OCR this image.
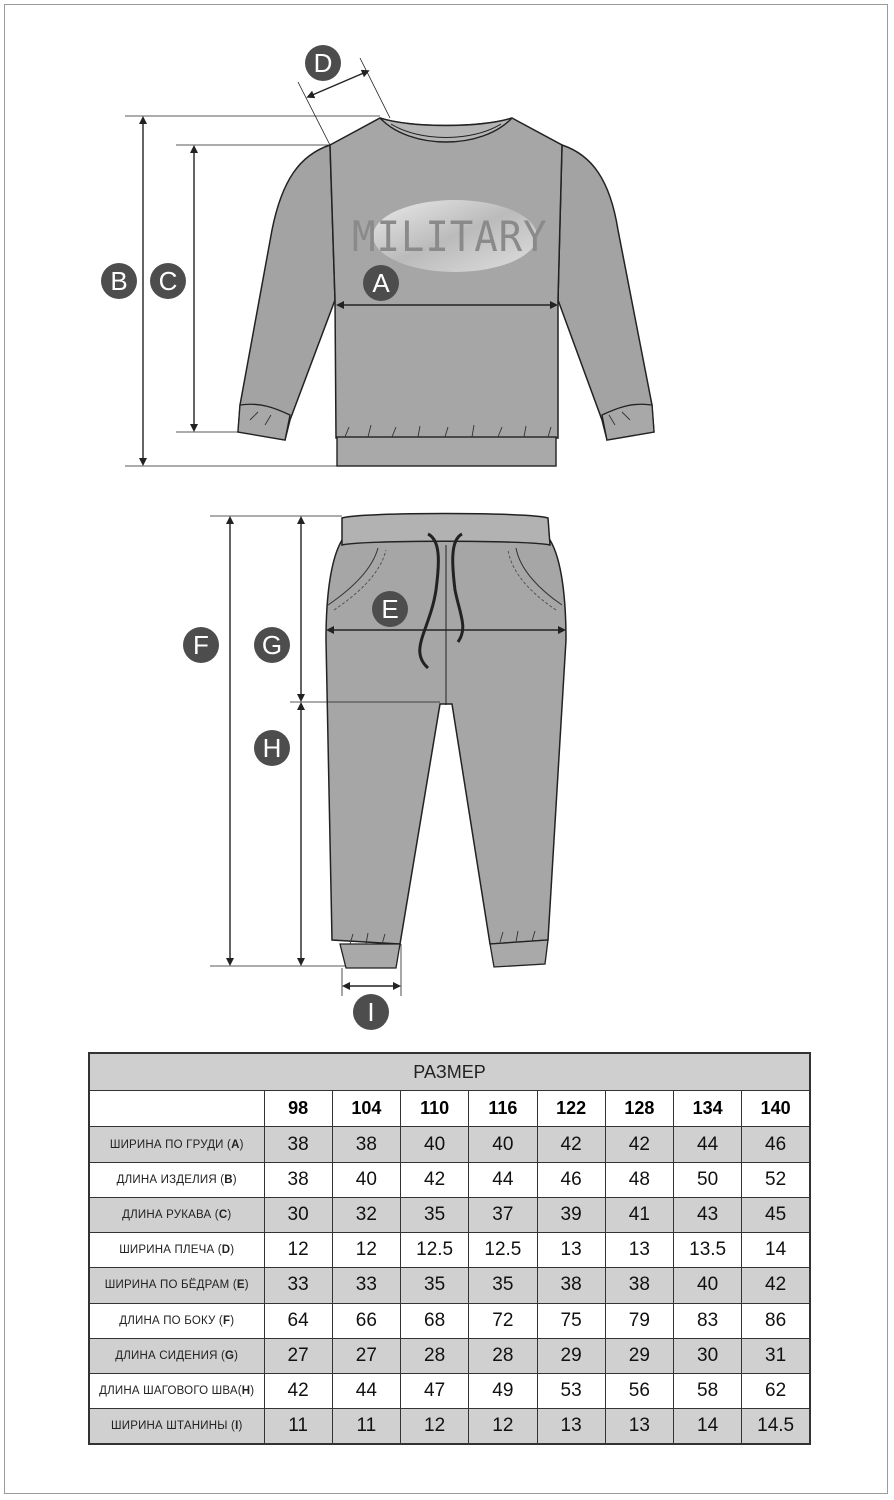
MILITARY
D
B	C	A
E
F	G
H
I
РАЗМЕР								
	98	104	110	116	122	128	134	140
ШИРИНА ПО ГРУДИ (A)	38	38	40	40	42	42	44	46
ДЛИНА ИЗДЕЛИЯ (B)	38	40	42	44	46	48	50	52
ДЛИНА РУКАВА (C)	30	32	35	37	39	41	43	45
ШИРИНА ПЛЕЧА (D)	12	12	12.5	12.5	13	13	13.5	14
ШИРИНА ПО БЁДРАМ (E)	33	33	35	35	38	38	40	42
ДЛИНА ПО БОКУ (F)	64	66	68	72	75	79	83	86
ДЛИНА СИДЕНИЯ (G)	27	27	28	28	29	29	30	31
ДЛИНА ШАГОВОГО ШВА(H)	42	44	47	49	53	56	58	62
ШИРИНА ШТАНИНЫ (I)	11	11	12	12	13	13	14	14.5
